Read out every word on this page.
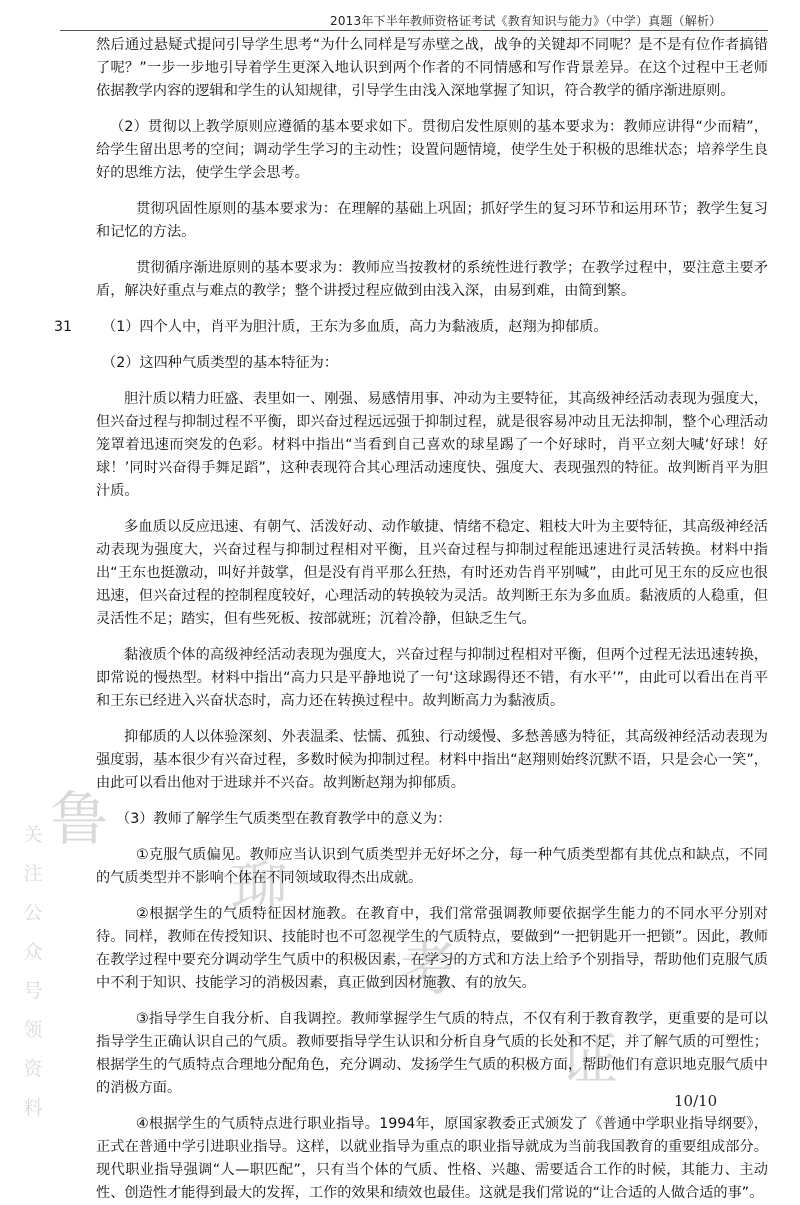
2013年下半年教师资格证考试《教育知识与能力》（中学）真题（解析）
鲁
珋
考
证
关
注
公
众
号
领
资
料

然后通过悬疑式提问引导学生思考“为什么同样是写赤壁之战，战争的关键却不同呢？是不是有位作者搞错了呢？”一步一步地引导着学生更深入地认识到两个作者的不同情感和写作背景差异。在这个过程中王老师依据教学内容的逻辑和学生的认知规律，引导学生由浅入深地掌握了知识，符合教学的循序渐进原则。

（2）贯彻以上教学原则应遵循的基本要求如下。贯彻启发性原则的基本要求为：教师应讲得“少而精”，给学生留出思考的空间；调动学生学习的主动性；设置问题情境，使学生处于积极的思维状态；培养学生良好的思维方法，使学生学会思考。

贯彻巩固性原则的基本要求为：在理解的基础上巩固；抓好学生的复习环节和运用环节；教学生复习和记忆的方法。

贯彻循序渐进原则的基本要求为：教师应当按教材的系统性进行教学；在教学过程中，要注意主要矛盾，解决好重点与难点的教学；整个讲授过程应做到由浅入深，由易到难，由简到繁。

31	（1）四个人中，肖平为胆汁质，王东为多血质，高力为黏液质，赵翔为抑郁质。

（2）这四种气质类型的基本特征为：

胆汁质以精力旺盛、表里如一、刚强、易感情用事、冲动为主要特征，其高级神经活动表现为强度大，但兴奋过程与抑制过程不平衡，即兴奋过程远远强于抑制过程，就是很容易冲动且无法抑制，整个心理活动笼罩着迅速而突发的色彩。材料中指出“当看到自己喜欢的球星踢了一个好球时，肖平立刻大喊‘好球！好球！’同时兴奋得手舞足蹈”，这种表现符合其心理活动速度快、强度大、表现强烈的特征。故判断肖平为胆汁质。

多血质以反应迅速、有朝气、活泼好动、动作敏捷、情绪不稳定、粗枝大叶为主要特征，其高级神经活动表现为强度大，兴奋过程与抑制过程相对平衡，且兴奋过程与抑制过程能迅速进行灵活转换。材料中指出“王东也挺激动，叫好并鼓掌，但是没有肖平那么狂热，有时还劝告肖平别喊”，由此可见王东的反应也很迅速，但兴奋过程的控制程度较好，心理活动的转换较为灵活。故判断王东为多血质。黏液质的人稳重，但灵活性不足；踏实，但有些死板、按部就班；沉着冷静，但缺乏生气。

黏液质个体的高级神经活动表现为强度大，兴奋过程与抑制过程相对平衡，但两个过程无法迅速转换，即常说的慢热型。材料中指出“高力只是平静地说了一句‘这球踢得还不错，有水平’”，由此可以看出在肖平和王东已经进入兴奋状态时，高力还在转换过程中。故判断高力为黏液质。

抑郁质的人以体验深刻、外表温柔、怯懦、孤独、行动缓慢、多愁善感为特征，其高级神经活动表现为强度弱，基本很少有兴奋过程，多数时候为抑制过程。材料中指出“赵翔则始终沉默不语，只是会心一笑”，由此可以看出他对于进球并不兴奋。故判断赵翔为抑郁质。

（3）教师了解学生气质类型在教育教学中的意义为：

①克服气质偏见。教师应当认识到气质类型并无好坏之分，每一种气质类型都有其优点和缺点，不同的气质类型并不影响个体在不同领域取得杰出成就。

②根据学生的气质特征因材施教。在教育中，我们常常强调教师要依据学生能力的不同水平分别对待。同样，教师在传授知识、技能时也不可忽视学生的气质特点，要做到“一把钥匙开一把锁”。因此，教师在教学过程中要充分调动学生气质中的积极因素，在学习的方式和方法上给予个别指导，帮助他们克服气质中不利于知识、技能学习的消极因素，真正做到因材施教、有的放矢。

③指导学生自我分析、自我调控。教师掌握学生气质的特点，不仅有利于教育教学，更重要的是可以指导学生正确认识自己的气质。教师要指导学生认识和分析自身气质的长处和不足，并了解气质的可塑性；根据学生的气质特点合理地分配角色，充分调动、发扬学生气质的积极方面，帮助他们有意识地克服气质中的消极方面。

④根据学生的气质特点进行职业指导。1994年，原国家教委正式颁发了《普通中学职业指导纲要》，正式在普通中学引进职业指导。这样，以就业指导为重点的职业指导就成为当前我国教育的重要组成部分。现代职业指导强调“人—职匹配”，只有当个体的气质、性格、兴趣、需要适合工作的时候，其能力、主动性、创造性才能得到最大的发挥，工作的效果和绩效也最佳。这就是我们常说的“让合适的人做合适的事”。

10/10
